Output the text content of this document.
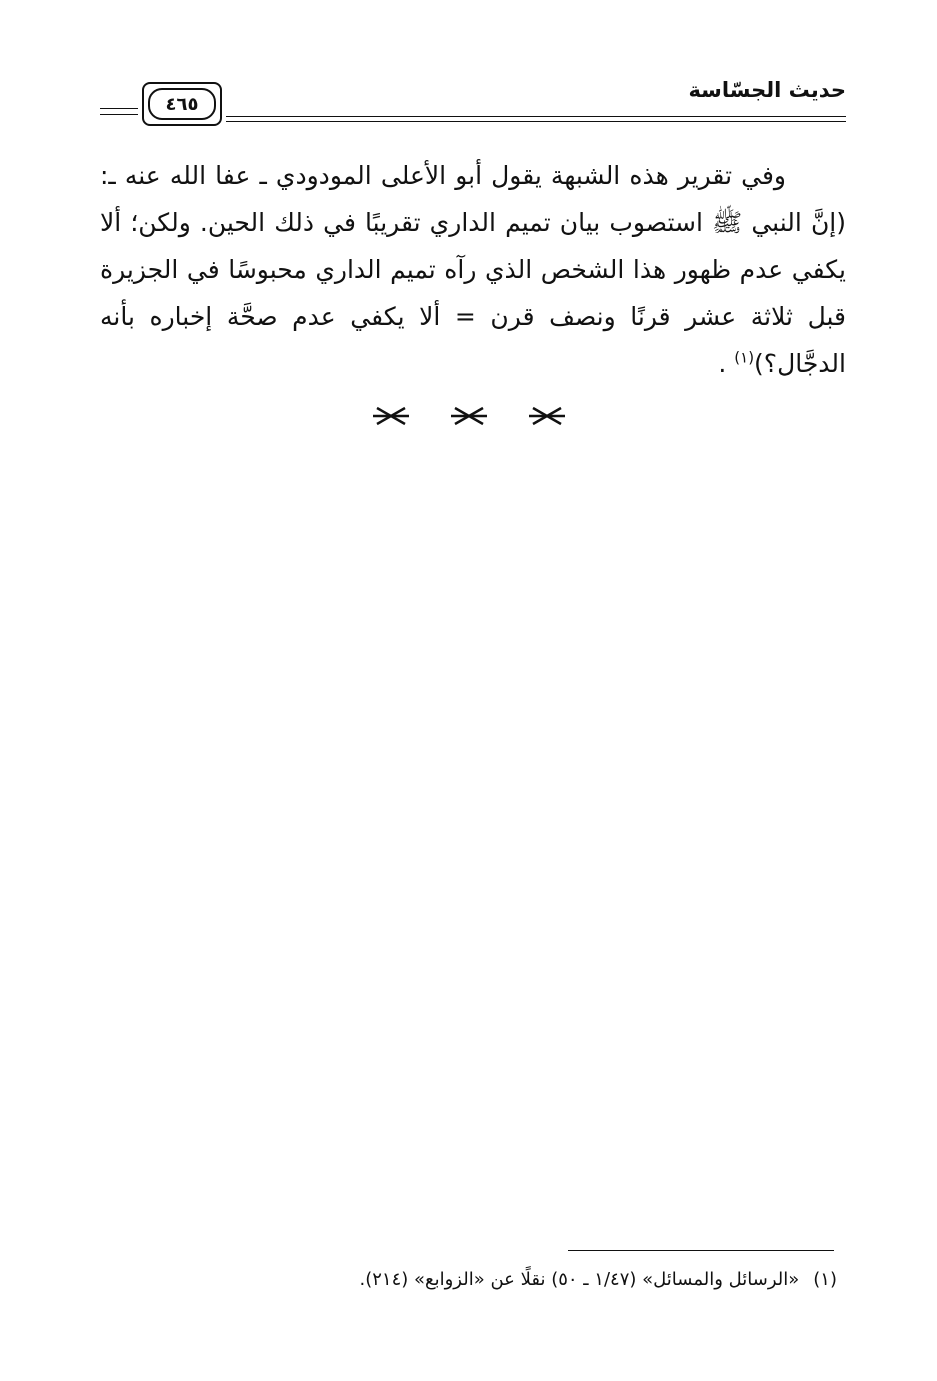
حديث الجسّاسة
٤٦٥

وفي تقرير هذه الشبهة يقول أبو الأعلى المودودي ـ عفا الله عنه ـ: (إنَّ النبي ﷺ استصوب بيان تميم الداري تقريبًا في ذلك الحين. ولكن؛ ألا يكفي عدم ظهور هذا الشخص الذي رآه تميم الداري محبوسًا في الجزيرة قبل ثلاثة عشر قرنًا ونصف قرن = ألا يكفي عدم صحَّة إخباره بأنه الدجَّال؟)$^{(١)}$ .

(١)«الرسائل والمسائل» (١/٤٧ ـ ٥٠) نقلًا عن «الزوابع» (٢١٤).
